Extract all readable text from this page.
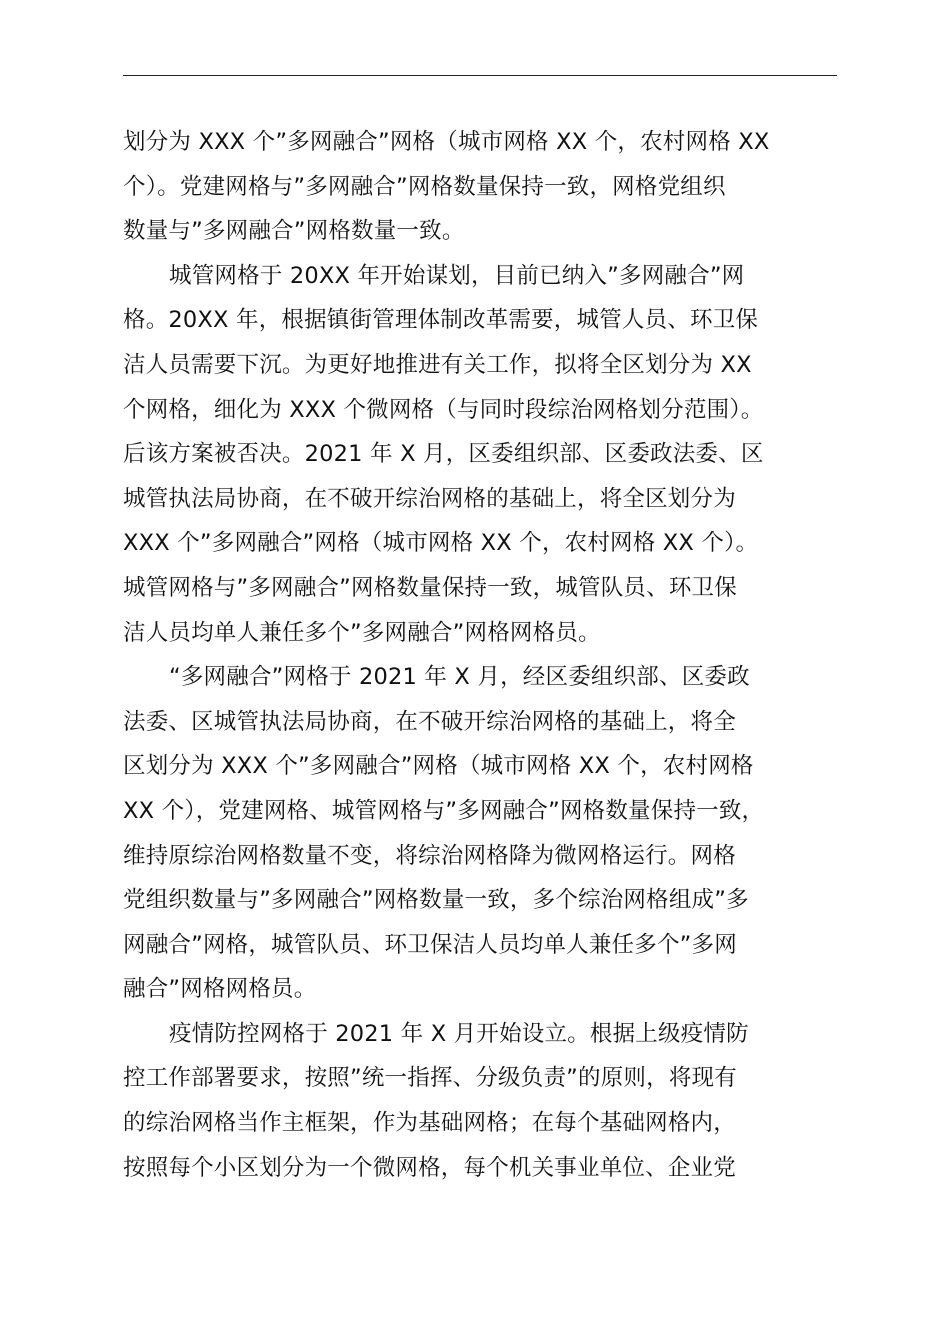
划分为 XXX 个”多网融合”网格（城市网格 XX 个，农村网格 XX
个）。党建网格与”多网融合”网格数量保持一致，网格党组织
数量与”多网融合”网格数量一致。
城管网格于 20XX 年开始谋划，目前已纳入”多网融合”网
格。20XX 年，根据镇街管理体制改革需要，城管人员、环卫保
洁人员需要下沉。为更好地推进有关工作，拟将全区划分为 XX
个网格，细化为 XXX 个微网格（与同时段综治网格划分范围）。
后该方案被否决。2021 年 X 月，区委组织部、区委政法委、区
城管执法局协商，在不破开综治网格的基础上，将全区划分为
XXX 个”多网融合”网格（城市网格 XX 个，农村网格 XX 个）。
城管网格与”多网融合”网格数量保持一致，城管队员、环卫保
洁人员均单人兼任多个”多网融合”网格网格员。
“多网融合”网格于 2021 年 X 月，经区委组织部、区委政
法委、区城管执法局协商，在不破开综治网格的基础上，将全
区划分为 XXX 个”多网融合”网格（城市网格 XX 个，农村网格
XX 个），党建网格、城管网格与”多网融合”网格数量保持一致，
维持原综治网格数量不变，将综治网格降为微网格运行。网格
党组织数量与”多网融合”网格数量一致，多个综治网格组成”多
网融合”网格，城管队员、环卫保洁人员均单人兼任多个”多网
融合”网格网格员。
疫情防控网格于 2021 年 X 月开始设立。根据上级疫情防
控工作部署要求，按照”统一指挥、分级负责”的原则，将现有
的综治网格当作主框架，作为基础网格；在每个基础网格内，
按照每个小区划分为一个微网格，每个机关事业单位、企业党
